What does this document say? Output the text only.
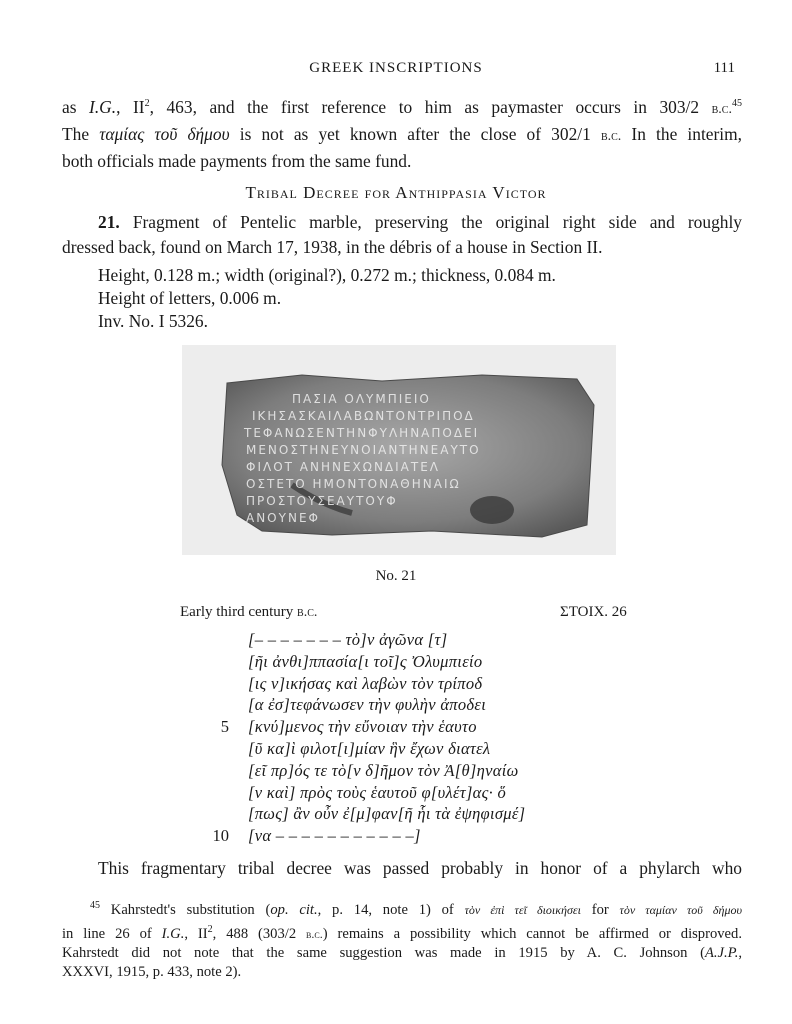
GREEK INSCRIPTIONS	111
as I.G., $II^2$, 463, and the first reference to him as paymaster occurs in 303/2 b.c.$^{45}$
The ταμίας τοῦ δήμου is not as yet known after the close of 302/1 b.c. In the interim,
both officials made payments from the same fund.
Tribal Decree for Anthippasia Victor
21. Fragment of Pentelic marble, preserving the original right side and roughly
dressed back, found on March 17, 1938, in the débris of a house in Section II.
Height, 0.128 m.; width (original?), 0.272 m.; thickness, 0.084 m.
Height of letters, 0.006 m.
Inv. No. I 5326.
ΠΑΣΙΑ ΟΛΥΜΠΙΕΙΟ
ΙΚΗΣΑΣΚΑΙΛΑΒΩΝΤΟΝΤΡΙΠΟΔ
ΤΕΦΑΝΩΣΕΝΤΗΝΦΥΛΗΝΑΠΟΔΕΙ
ΜΕΝΟΣΤΗΝΕΥΝΟΙΑΝΤΗΝΕΑΥΤΟ
ΦΙΛΟΤ ΑΝΗΝΕΧΩΝΔΙΑΤΕΛ
ΟΣΤΕΤΟ ΗΜΟΝΤΟΝΑΘΗΝΑΙΩ
ΠΡΟΣΤΟΥΣΕΑΥΤΟΥΦ
ΑΝΟΥΝΕΦ
No. 21
Early third century b.c.	ΣΤΟΙΧ. 26
[– – – – – – – τὸ]ν ἀγῶνα [τ]
[ῆι ἀνθι]ππασία[ι τοῖ]ς Ὀλυμπιείο
[ις ν]ικήσας καὶ λαβὼν τὸν τρίποδ
[α ἐσ]τεφάνωσεν τὴν φυλὴν ἀποδει
5 [κνύ]μενος τὴν εὔνοιαν τὴν ἑαυτο
[ῦ κα]ὶ φιλοτ[ι]μίαν ἣν ἔχων διατελ
[εῖ πρ]ός τε τὸ[ν δ]ῆμον τὸν Ἀ[θ]ηναίω
[ν καὶ] πρὸς τοὺς ἑαυτοῦ φ[υλέτ]ας· ὅ
[πως] ἂν οὖν ἐ[μ]φαν[ῆ ἧι τὰ ἐψηφισμέ]
10 [να – – – – – – – – – – –]
This fragmentary tribal decree was passed probably in honor of a phylarch who
$^{45}$ Kahrstedt's substitution (op. cit., p. 14, note 1) of τὸν ἐπὶ τεῖ διοικήσει for τὸν ταμίαν τοῦ δήμου
in line 26 of I.G., $II^2$, 488 (303/2 b.c.) remains a possibility which cannot be affirmed or disproved.
Kahrstedt did not note that the same suggestion was made in 1915 by A. C. Johnson (A.J.P.,
XXXVI, 1915, p. 433, note 2).
